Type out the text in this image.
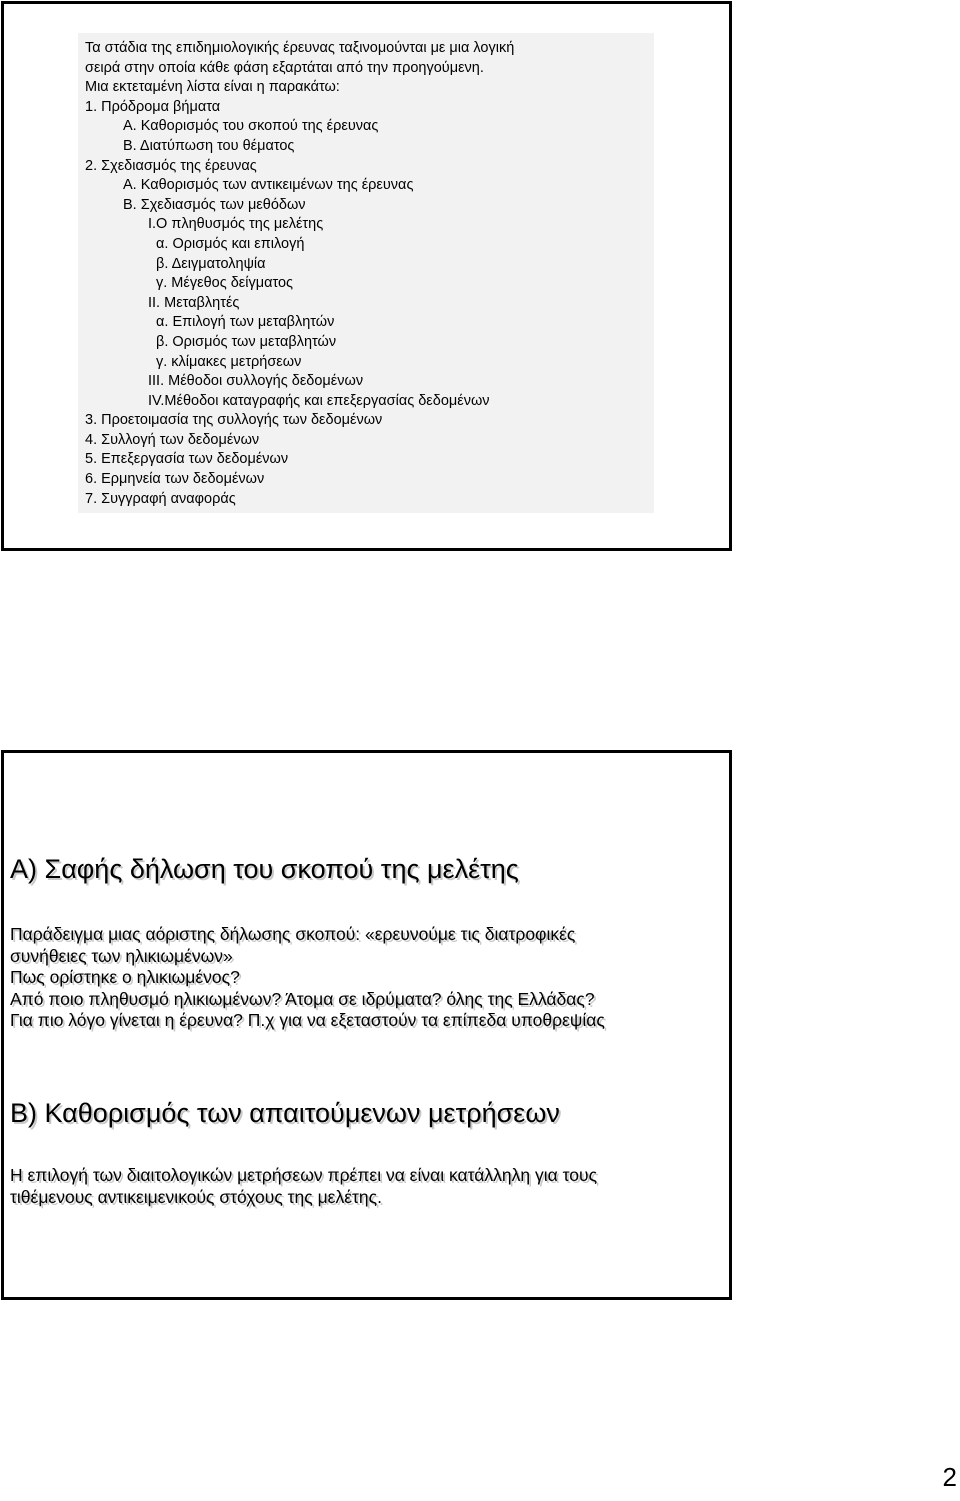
Τα στάδια της επιδημιολογικής έρευνας ταξινομούνται με μια λογική
σειρά στην οποία κάθε φάση εξαρτάται από την προηγούμενη.
Μια εκτεταμένη λίστα είναι η παρακάτω:
1. Πρόδρομα βήματα
Α. Καθορισμός του σκοπού της έρευνας
Β. Διατύπωση του θέματος
2. Σχεδιασμός της έρευνας
Α. Καθορισμός των αντικειμένων της έρευνας
Β. Σχεδιασμός των μεθόδων
I.Ο πληθυσμός της μελέτης
α. Ορισμός και επιλογή
β. Δειγματοληψία
γ. Μέγεθος δείγματος
II. Μεταβλητές
α. Επιλογή των μεταβλητών
β. Ορισμός των μεταβλητών
γ. κλίμακες μετρήσεων
III. Μέθοδοι συλλογής δεδομένων
IV.Μέθοδοι καταγραφής και επεξεργασίας δεδομένων
3. Προετοιμασία της συλλογής των δεδομένων
4. Συλλογή των δεδομένων
5. Επεξεργασία των δεδομένων
6. Ερμηνεία των δεδομένων
7. Συγγραφή αναφοράς
Α) Σαφής δήλωση του σκοπού της μελέτης
Παράδειγμα μιας αόριστης δήλωσης σκοπού: «ερευνούμε τις διατροφικές
συνήθειες των ηλικιωμένων»
Πως ορίστηκε ο ηλικιωμένος?
Από ποιο πληθυσμό ηλικιωμένων? Άτομα σε ιδρύματα? όλης της Ελλάδας?
Για πιο λόγο γίνεται η έρευνα? Π.χ για να εξεταστούν τα επίπεδα υποθρεψίας
Β) Καθορισμός των απαιτούμενων μετρήσεων
Η επιλογή των διαιτολογικών μετρήσεων πρέπει να είναι κατάλληλη για τους
τιθέμενους αντικειμενικούς στόχους της μελέτης.
2
